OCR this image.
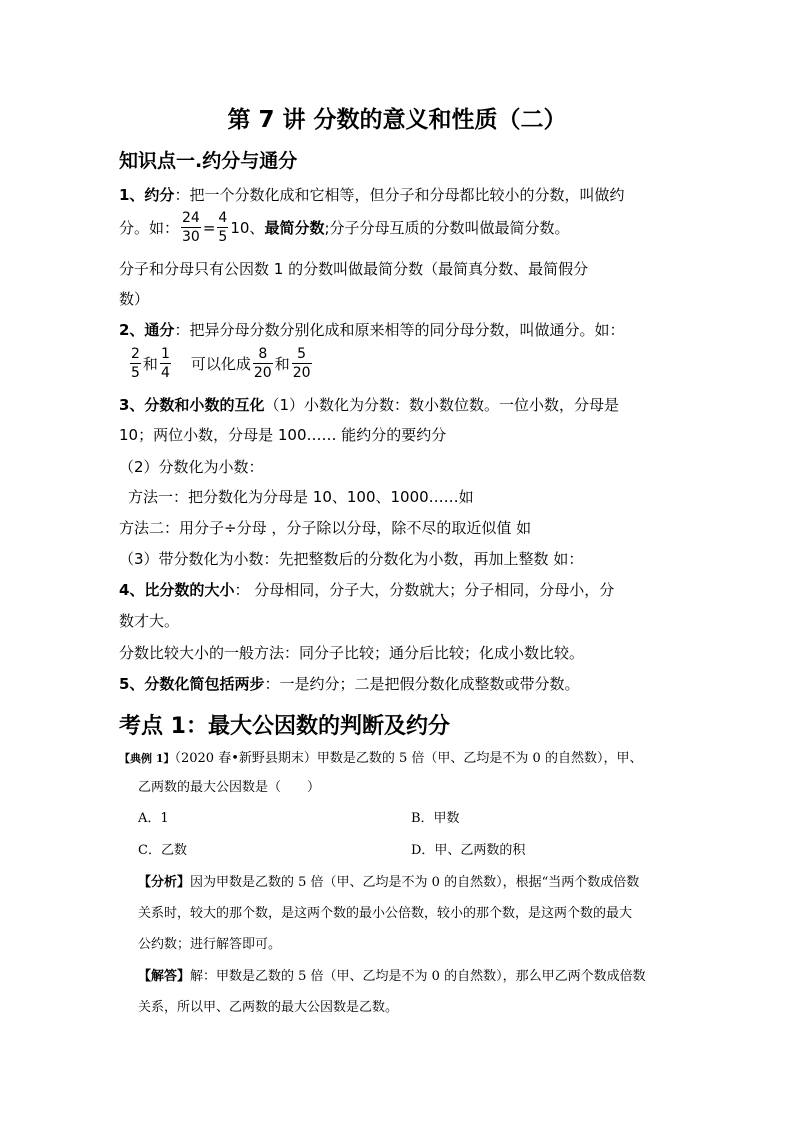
第 7 讲 分数的意义和性质（二）
知识点一.约分与通分
1、约分：把一个分数化成和它相等，但分子和分母都比较小的分数，叫做约
分。如： $\frac{24}{30} = \frac{4}{5} 10$、 最简分数 ;分子分母互质的分数叫做最简分数。
分子和分母只有公因数 1 的分数叫做最简分数（最简真分数、最简假分
数）
2、通分：把异分母分数分别化成和原来相等的同分母分数，叫做通分。如：
$\frac{2}{5}$ 和 $\frac{1}{4}$ 可以化成 $\frac{8}{20}$ 和 $\frac{5}{20}$
3、分数和小数的互化（1）小数化为分数：数小数位数。一位小数，分母是
10；两位小数，分母是 100…… 能约分的要约分
（2）分数化为小数：
方法一：把分数化为分母是 10、100、1000……如
方法二：用分子÷分母 ，分子除以分母，除不尽的取近似值 如
（3）带分数化为小数：先把整数后的分数化为小数，再加上整数 如：
4、比分数的大小： 分母相同，分子大，分数就大；分子相同，分母小，分
数才大。
分数比较大小的一般方法：同分子比较；通分后比较；化成小数比较。
5、分数化简包括两步：一是约分；二是把假分数化成整数或带分数。
考点 1：最大公因数的判断及约分
【典例 1】（2020 春•新野县期末）甲数是乙数的 5 倍（甲、乙均是不为 0 的自然数），甲、
乙两数的最大公因数是（　　）
A．1	B．甲数
C．乙数	D．甲、乙两数的积
【分析】因为甲数是乙数的 5 倍（甲、乙均是不为 0 的自然数），根据“当两个数成倍数
关系时，较大的那个数，是这两个数的最小公倍数，较小的那个数，是这两个数的最大
公约数；进行解答即可。
【解答】解：甲数是乙数的 5 倍（甲、乙均是不为 0 的自然数），那么甲乙两个数成倍数
关系，所以甲、乙两数的最大公因数是乙数。
